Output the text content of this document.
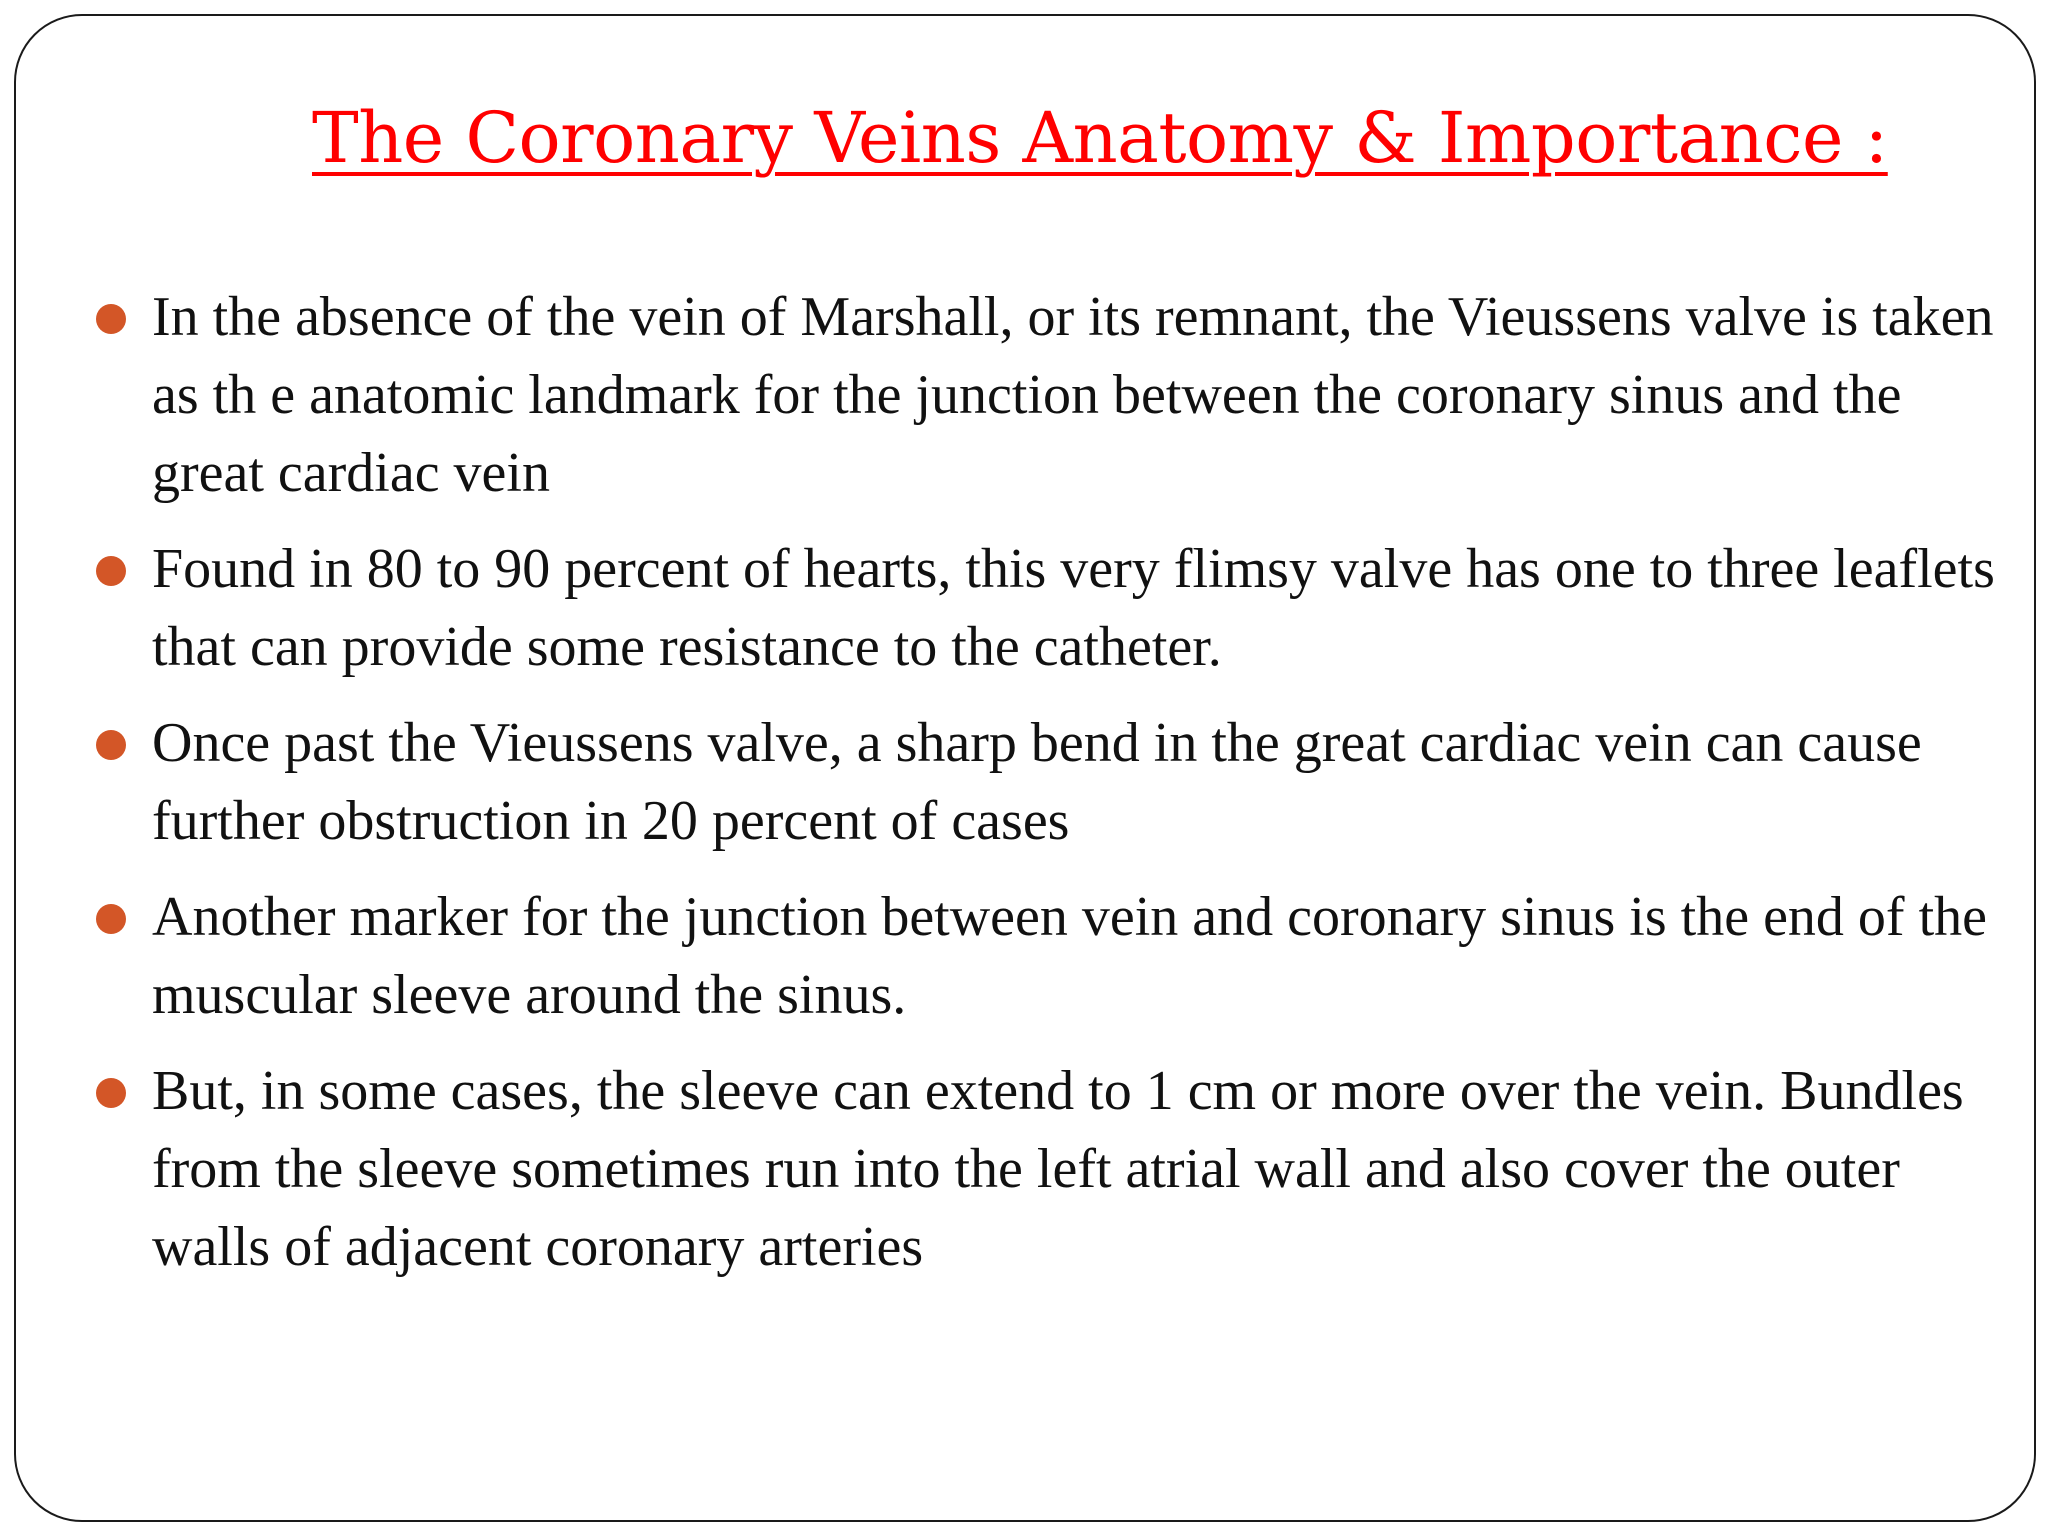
The Coronary Veins Anatomy & Importance :
In the absence of the vein of Marshall, or its remnant, the Vieussens valve is taken as th e anatomic landmark for the junction between the coronary sinus and the great cardiac vein
Found in 80 to 90 percent of hearts, this very flimsy valve has one to three leaflets that can provide some resistance to the catheter.
Once past the Vieussens valve, a sharp bend in the great cardiac vein can cause further obstruction in 20 percent of cases
Another marker for the junction between vein and coronary sinus is the end of the muscular sleeve around the sinus.
But, in some cases, the sleeve can extend to 1 cm or more over the vein. Bundles from the sleeve sometimes run into the left atrial wall and also cover the outer walls of adjacent coronary arteries
